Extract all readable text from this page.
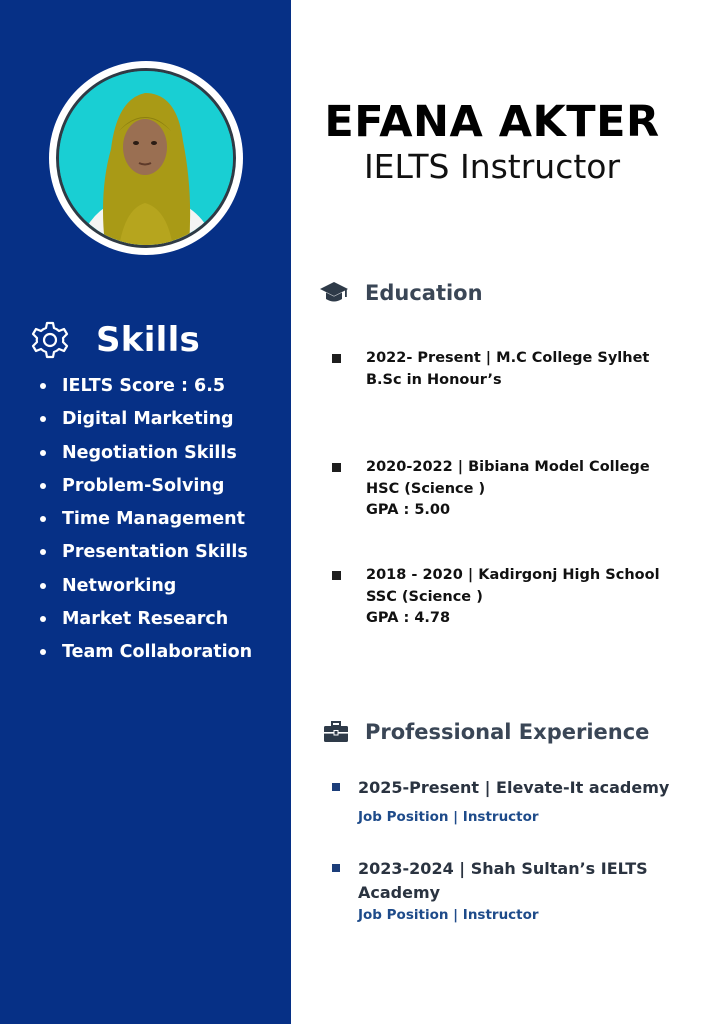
Skills
IELTS Score : 6.5
Digital Marketing
Negotiation Skills
Problem-Solving
Time Management
Presentation Skills
Networking
Market Research
Team Collaboration
EFANA AKTER
IELTS Instructor
Education
2022- Present | M.C College Sylhet
B.Sc in Honour’s
2020-2022 | Bibiana Model College
HSC (Science )
GPA : 5.00
2018 - 2020 | Kadirgonj High School
SSC (Science )
GPA : 4.78
Professional Experience
2025-Present | Elevate-It academy
Job Position | Instructor
2023-2024 | Shah Sultan’s IELTS
Academy
Job Position | Instructor
